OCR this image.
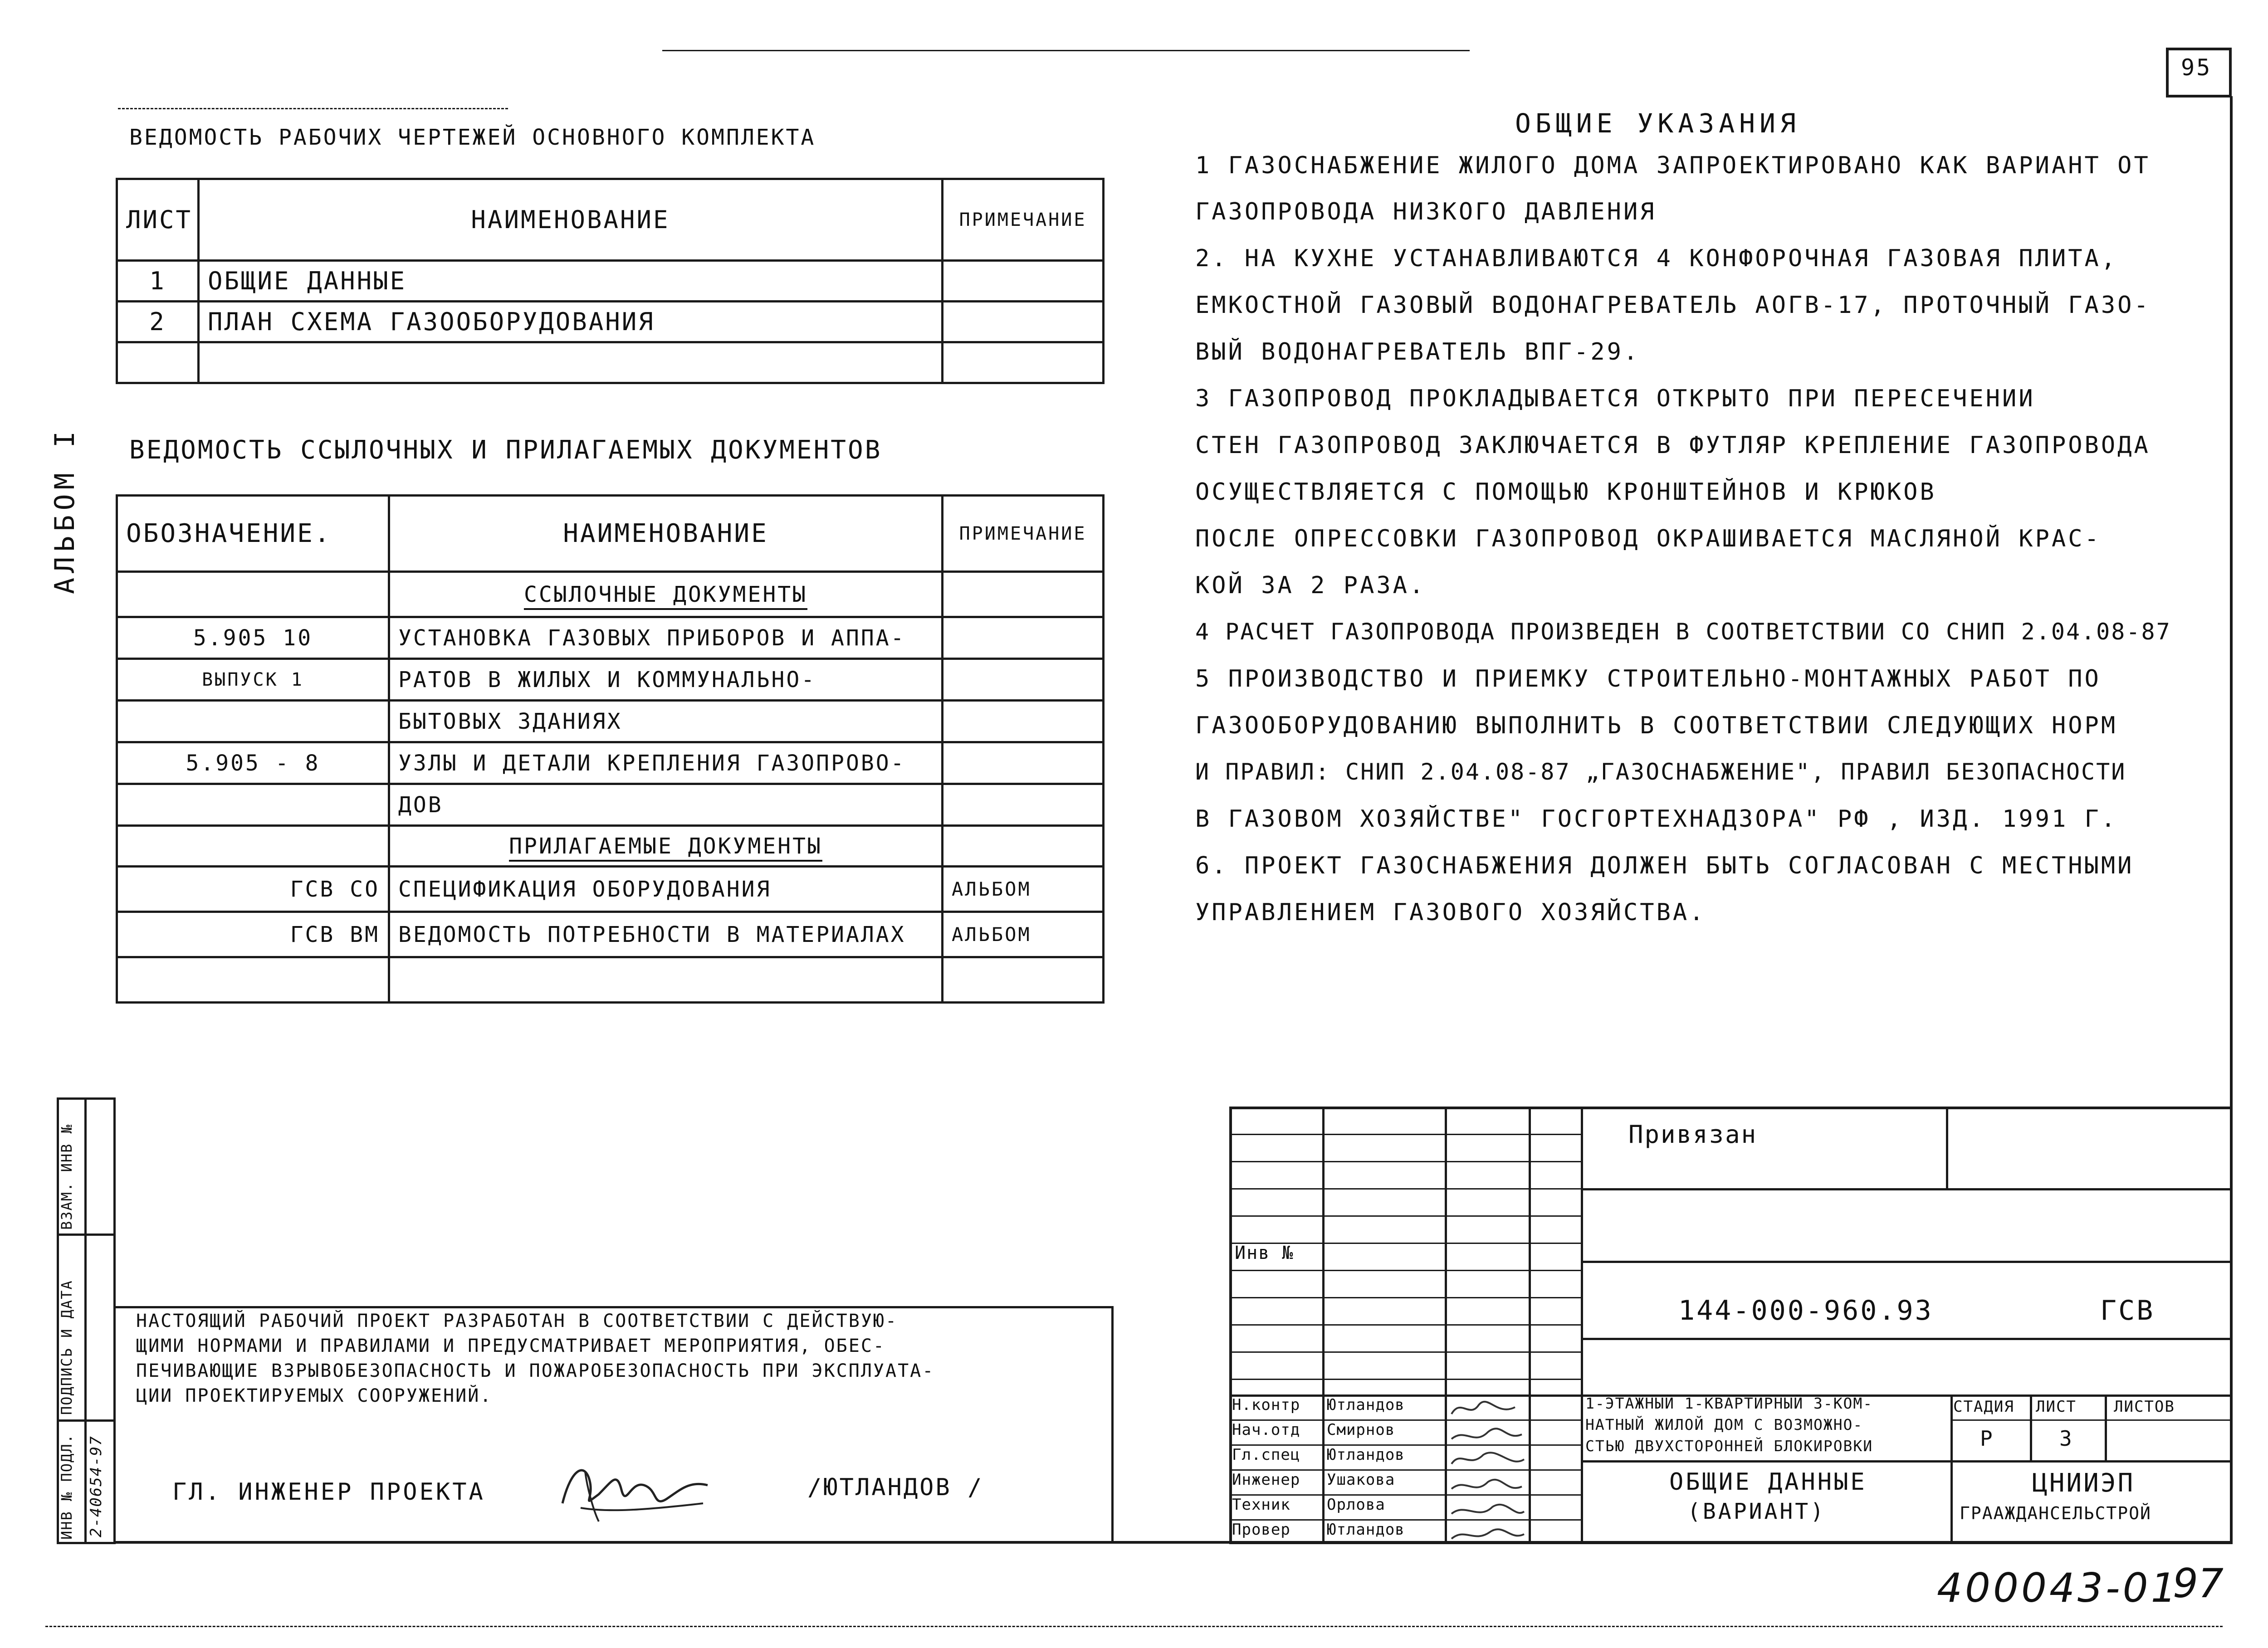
95
АЛЬБОМ I
ВЕДОМОСТЬ РАБОЧИХ ЧЕРТЕЖЕЙ ОСНОВНОГО КОМПЛЕКТА
ЛИСТ	НАИМЕНОВАНИЕ	ПРИМЕЧАНИЕ
1	ОБЩИЕ ДАННЫЕ	
2	ПЛАН СХЕМА ГАЗООБОРУДОВАНИЯ	

ВЕДОМОСТЬ ССЫЛОЧНЫХ И ПРИЛАГАЕМЫХ ДОКУМЕНТОВ
ОБОЗНАЧЕНИЕ.	НАИМЕНОВАНИЕ	ПРИМЕЧАНИЕ
	ССЫЛОЧНЫЕ ДОКУМЕНТЫ	
5.905 10	УСТАНОВКА ГАЗОВЫХ ПРИБОРОВ И АППА-	
ВЫПУСК 1	РАТОВ В ЖИЛЫХ И КОММУНАЛЬНО-	
	БЫТОВЫХ ЗДАНИЯХ	
5.905 - 8	УЗЛЫ И ДЕТАЛИ КРЕПЛЕНИЯ ГАЗОПРОВО-	
	ДОВ	
	ПРИЛАГАЕМЫЕ ДОКУМЕНТЫ	
ГСВ СО	СПЕЦИФИКАЦИЯ ОБОРУДОВАНИЯ	АЛЬБОМ
ГСВ ВМ	ВЕДОМОСТЬ ПОТРЕБНОСТИ В МАТЕРИАЛАХ	АЛЬБОМ

ОБЩИЕ УКАЗАНИЯ
1 ГАЗОСНАБЖЕНИЕ ЖИЛОГО ДОМА ЗАПРОЕКТИРОВАНО КАК ВАРИАНТ ОТ
ГАЗОПРОВОДА НИЗКОГО ДАВЛЕНИЯ
2. НА КУХНЕ УСТАНАВЛИВАЮТСЯ 4 КОНФОРОЧНАЯ ГАЗОВАЯ ПЛИТА,
ЕМКОСТНОЙ ГАЗОВЫЙ ВОДОНАГРЕВАТЕЛЬ АОГВ-17, ПРОТОЧНЫЙ ГАЗО-
ВЫЙ ВОДОНАГРЕВАТЕЛЬ ВПГ-29.
3 ГАЗОПРОВОД ПРОКЛАДЫВАЕТСЯ ОТКРЫТО ПРИ ПЕРЕСЕЧЕНИИ
СТЕН ГАЗОПРОВОД ЗАКЛЮЧАЕТСЯ В ФУТЛЯР КРЕПЛЕНИЕ ГАЗОПРОВОДА
ОСУЩЕСТВЛЯЕТСЯ С ПОМОЩЬЮ КРОНШТЕЙНОВ И КРЮКОВ
ПОСЛЕ ОПРЕССОВКИ ГАЗОПРОВОД ОКРАШИВАЕТСЯ МАСЛЯНОЙ КРАС-
КОЙ ЗА 2 РАЗА.
4 РАСЧЕТ ГАЗОПРОВОДА ПРОИЗВЕДЕН В СООТВЕТСТВИИ СО СНИП 2.04.08-87
5 ПРОИЗВОДСТВО И ПРИЕМКУ СТРОИТЕЛЬНО-МОНТАЖНЫХ РАБОТ ПО
ГАЗООБОРУДОВАНИЮ ВЫПОЛНИТЬ В СООТВЕТСТВИИ СЛЕДУЮЩИХ НОРМ
И ПРАВИЛ: СНИП 2.04.08-87 „ГАЗОСНАБЖЕНИЕ", ПРАВИЛ БЕЗОПАСНОСТИ
В ГАЗОВОМ ХОЗЯЙСТВЕ" ГОСГОРТЕХНАДЗОРА" РФ , ИЗД. 1991 Г.
6. ПРОЕКТ ГАЗОСНАБЖЕНИЯ ДОЛЖЕН БЫТЬ СОГЛАСОВАН С МЕСТНЫМИ
УПРАВЛЕНИЕМ ГАЗОВОГО ХОЗЯЙСТВА.
ВЗАМ. ИНВ №
ПОДПИСЬ И ДАТА
ИНВ № ПОДЛ. 2-40654-97
НАСТОЯЩИЙ РАБОЧИЙ ПРОЕКТ РАЗРАБОТАН В СООТВЕТСТВИИ С ДЕЙСТВУЮ-
ЩИМИ НОРМАМИ И ПРАВИЛАМИ И ПРЕДУСМАТРИВАЕТ МЕРОПРИЯТИЯ, ОБЕС-
ПЕЧИВАЮЩИЕ ВЗРЫВОБЕЗОПАСНОСТЬ И ПОЖАРОБЕЗОПАСНОСТЬ ПРИ ЭКСПЛУАТА-
ЦИИ ПРОЕКТИРУЕМЫХ СООРУЖЕНИЙ.
ГЛ. ИНЖЕНЕР ПРОЕКТА	/ЮТЛАНДОВ /
Инв №
Привязан
144-000-960.93	ГСВ
1-ЭТАЖНЫЙ 1-КВАРТИРНЫЙ 3-КОМ-
НАТНЫЙ ЖИЛОЙ ДОМ С ВОЗМОЖНО-
СТЬЮ ДВУХСТОРОННЕЙ БЛОКИРОВКИ
СТАДИЯ ЛИСТ ЛИСТОВ
Р	3
ОБЩИЕ ДАННЫЕ
(ВАРИАНТ)
ЦНИИЭП
ГРААЖДАНСЕЛЬСТРОЙ
Н.контр Ютландов
Нач.отд Смирнов
Гл.спец Ютландов
Инженер Ушакова
Техник Орлова
Провер Ютландов
400043-01
97
